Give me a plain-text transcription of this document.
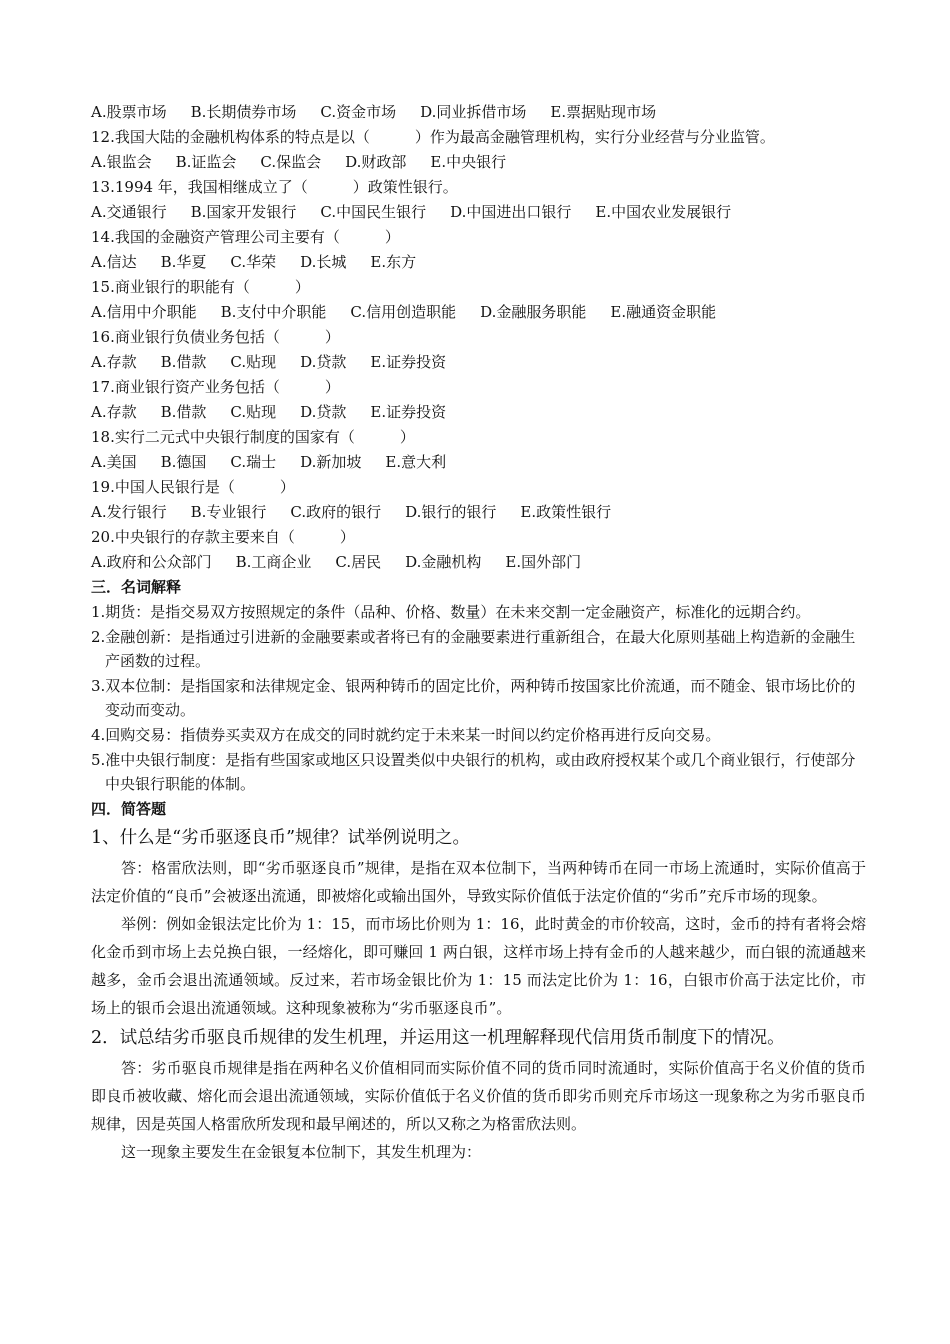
A.股票市场 B.长期债券市场 C.资金市场 D.同业拆借市场 E.票据贴现市场
12.我国大陆的金融机构体系的特点是以（　　　）作为最高金融管理机构，实行分业经营与分业监管。
A.银监会 B.证监会 C.保监会 D.财政部 E.中央银行
13.1994 年，我国相继成立了（　　　）政策性银行。
A.交通银行 B.国家开发银行 C.中国民生银行 D.中国进出口银行 E.中国农业发展银行
14.我国的金融资产管理公司主要有（　　　）
A.信达 B.华夏 C.华荣 D.长城 E.东方
15.商业银行的职能有（　　　）
A.信用中介职能 B.支付中介职能 C.信用创造职能 D.金融服务职能 E.融通资金职能
16.商业银行负债业务包括（　　　）
A.存款 B.借款 C.贴现 D.贷款 E.证券投资
17.商业银行资产业务包括（　　　）
A.存款 B.借款 C.贴现 D.贷款 E.证券投资
18.实行二元式中央银行制度的国家有（　　　）
A.美国 B.德国 C.瑞士 D.新加坡 E.意大利
19.中国人民银行是（　　　）
A.发行银行 B.专业银行 C.政府的银行 D.银行的银行 E.政策性银行
20.中央银行的存款主要来自（　　　）
A.政府和公众部门 B.工商企业 C.居民 D.金融机构 E.国外部门
三．名词解释
1.期货：是指交易双方按照规定的条件（品种、价格、数量）在未来交割一定金融资产，标准化的远期合约。
2.金融创新：是指通过引进新的金融要素或者将已有的金融要素进行重新组合，在最大化原则基础上构造新的金融生产函数的过程。
3.双本位制：是指国家和法律规定金、银两种铸币的固定比价，两种铸币按国家比价流通，而不随金、银市场比价的变动而变动。
4.回购交易：指债券买卖双方在成交的同时就约定于未来某一时间以约定价格再进行反向交易。
5.准中央银行制度：是指有些国家或地区只设置类似中央银行的机构，或由政府授权某个或几个商业银行，行使部分中央银行职能的体制。
四．简答题
1、什么是“劣币驱逐良币”规律？试举例说明之。
答：格雷欣法则，即“劣币驱逐良币”规律，是指在双本位制下，当两种铸币在同一市场上流通时，实际价值高于法定价值的“良币”会被逐出流通，即被熔化或输出国外，导致实际价值低于法定价值的“劣币”充斥市场的现象。
举例：例如金银法定比价为 1：15，而市场比价则为 1：16，此时黄金的市价较高，这时，金币的持有者将会熔化金币到市场上去兑换白银，一经熔化，即可赚回 1 两白银，这样市场上持有金币的人越来越少，而白银的流通越来越多，金币会退出流通领域。反过来，若市场金银比价为 1：15 而法定比价为 1：16，白银市价高于法定比价，市场上的银币会退出流通领域。这种现象被称为“劣币驱逐良币”。
2．试总结劣币驱良币规律的发生机理，并运用这一机理解释现代信用货币制度下的情况。
答：劣币驱良币规律是指在两种名义价值相同而实际价值不同的货币同时流通时，实际价值高于名义价值的货币即良币被收藏、熔化而会退出流通领域，实际价值低于名义价值的货币即劣币则充斥市场这一现象称之为劣币驱良币规律，因是英国人格雷欣所发现和最早阐述的，所以又称之为格雷欣法则。
这一现象主要发生在金银复本位制下，其发生机理为：
